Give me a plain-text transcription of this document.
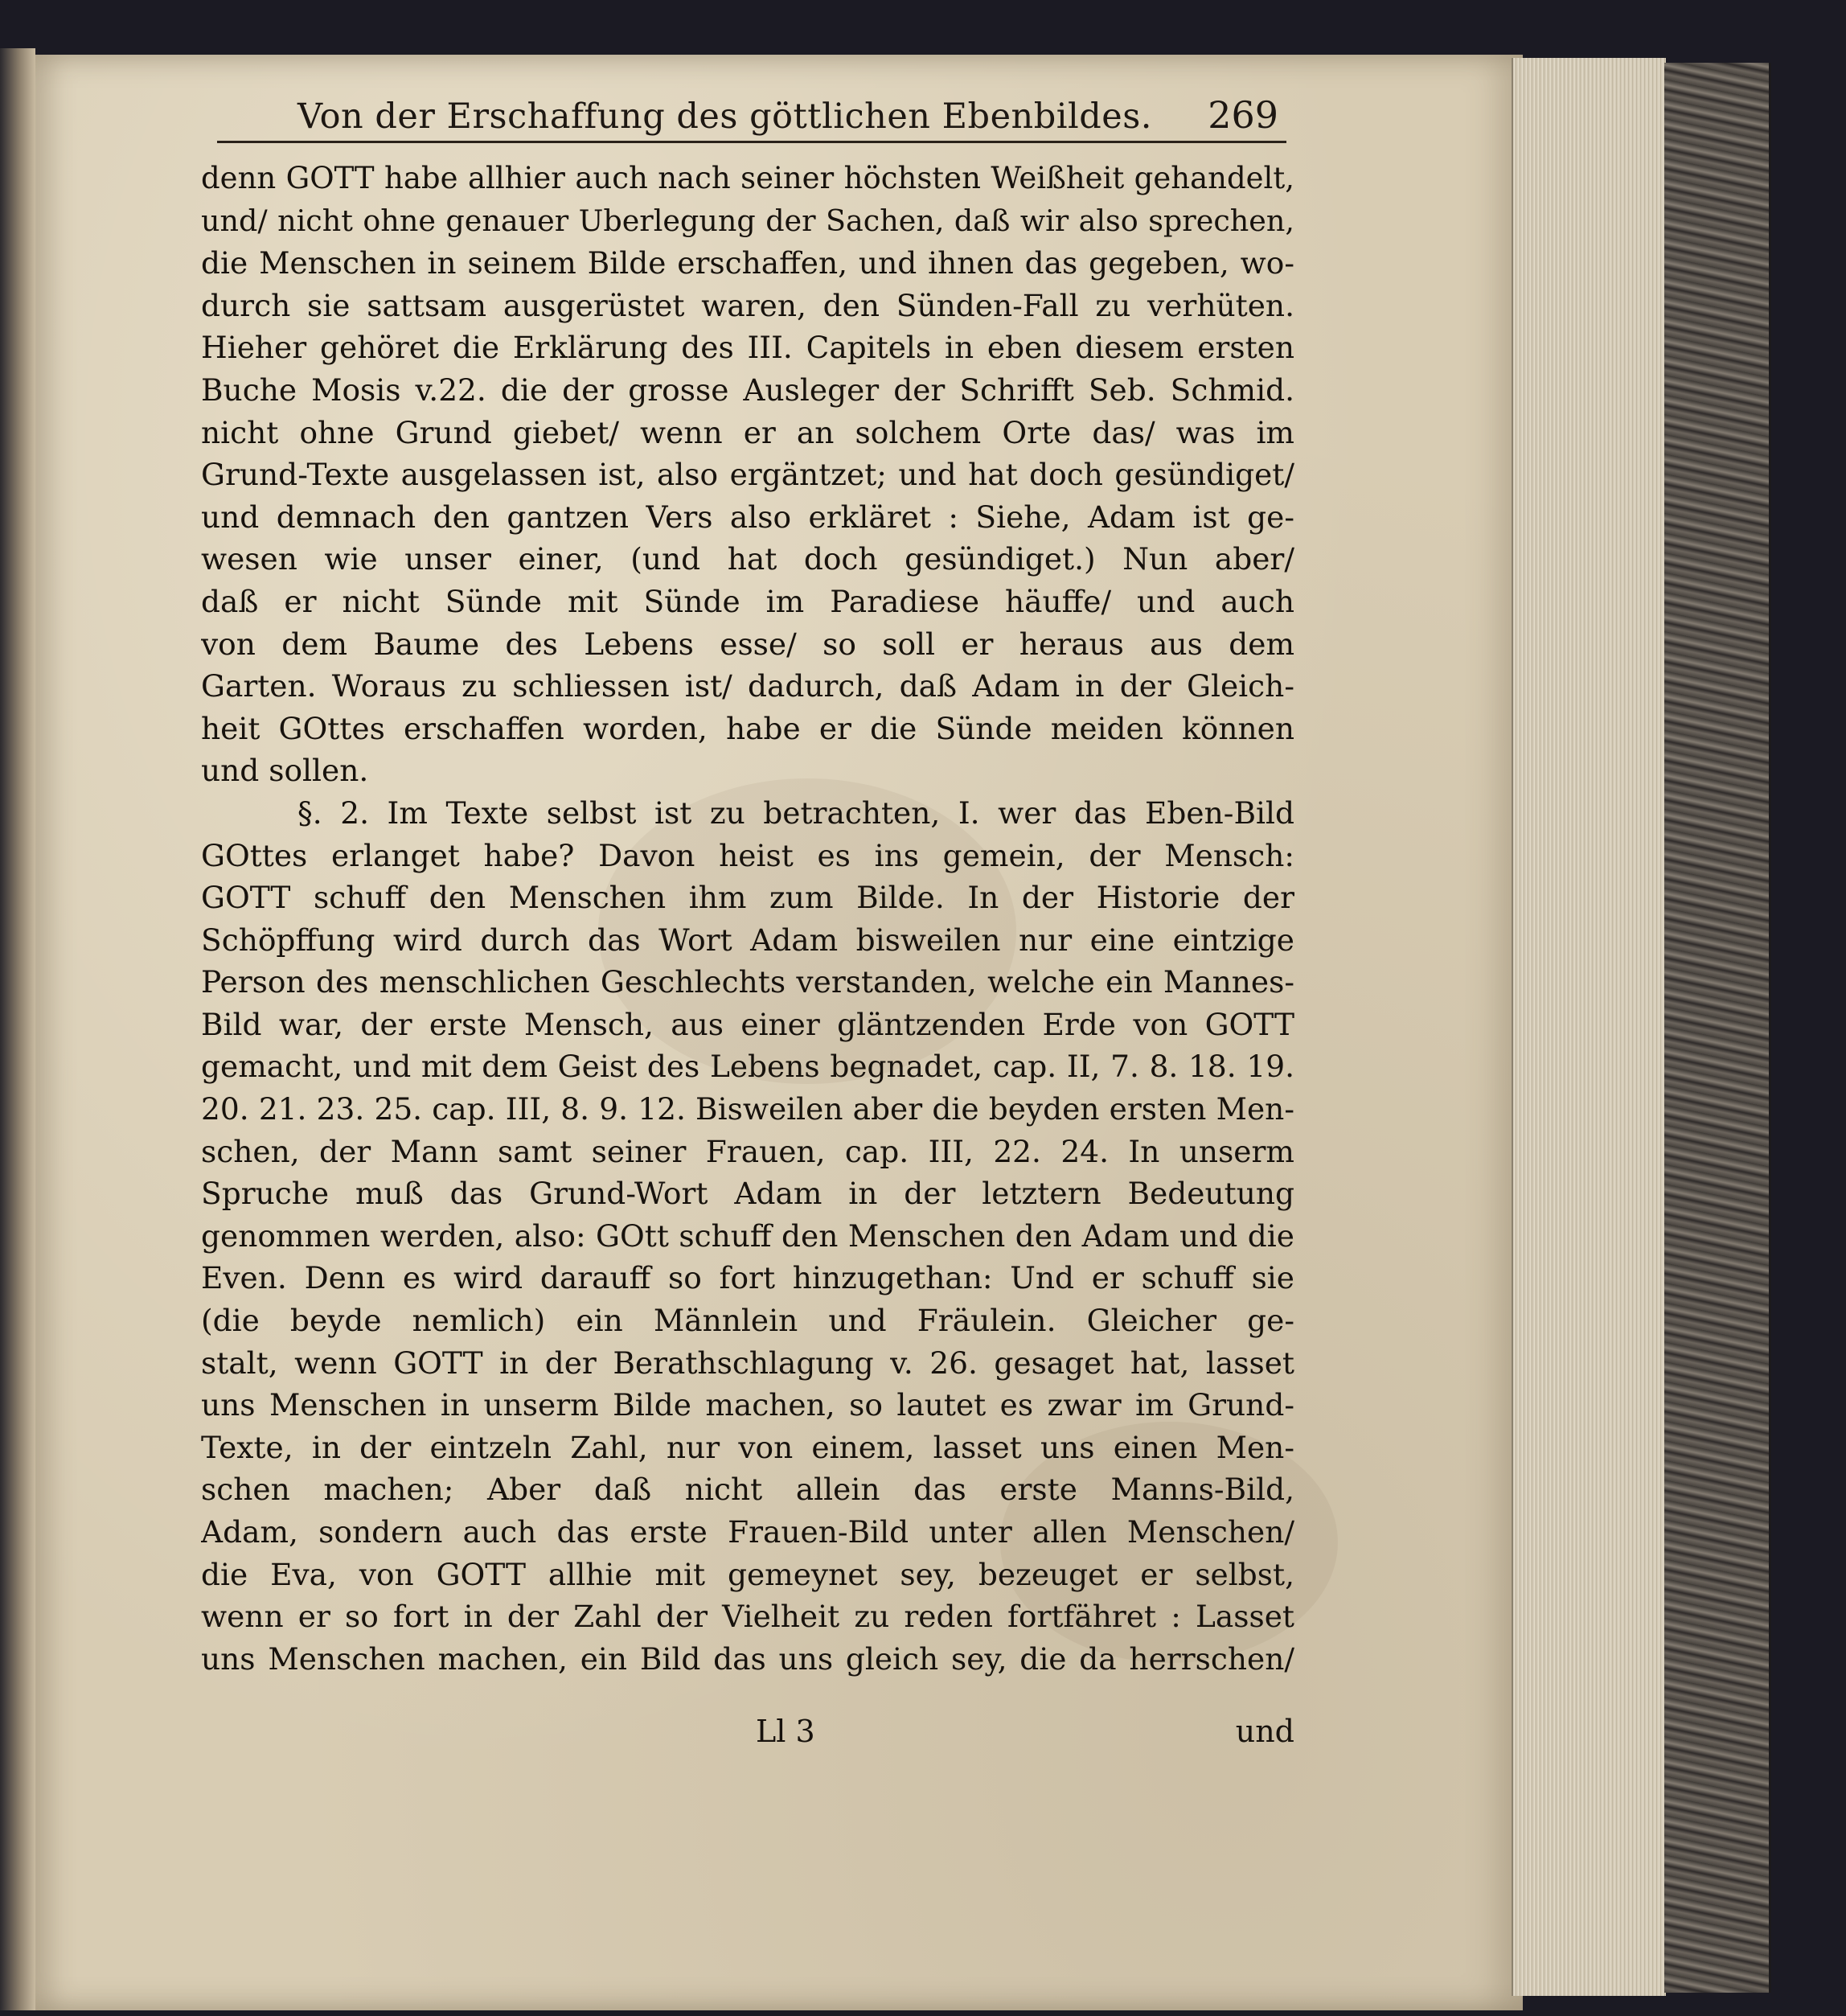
Von der Erschaffung des göttlichen Ebenbildes. 269
denn GOTT habe allhier auch nach seiner höchsten Weißheit gehandelt,
und/ nicht ohne genauer Uberlegung der Sachen, daß wir also sprechen,
die Menschen in seinem Bilde erschaffen, und ihnen das gegeben, wo-
durch sie sattsam ausgerüstet waren, den Sünden-Fall zu verhüten.
Hieher gehöret die Erklärung des III. Capitels in eben diesem ersten
Buche Mosis v.22. die der grosse Ausleger der Schrifft Seb. Schmid.
nicht ohne Grund giebet/ wenn er an solchem Orte das/ was im
Grund-Texte ausgelassen ist, also ergäntzet; und hat doch gesündiget/
und demnach den gantzen Vers also erkläret : Siehe, Adam ist ge-
wesen wie unser einer, (und hat doch gesündiget.) Nun aber/
daß er nicht Sünde mit Sünde im Paradiese häuffe/ und auch
von dem Baume des Lebens esse/ so soll er heraus aus dem
Garten. Woraus zu schliessen ist/ dadurch, daß Adam in der Gleich-
heit GOttes erschaffen worden, habe er die Sünde meiden können
und sollen.
§. 2. Im Texte selbst ist zu betrachten, I. wer das Eben-Bild
GOttes erlanget habe? Davon heist es ins gemein, der Mensch:
GOTT schuff den Menschen ihm zum Bilde. In der Historie der
Schöpffung wird durch das Wort Adam bisweilen nur eine eintzige
Person des menschlichen Geschlechts verstanden, welche ein Mannes-
Bild war, der erste Mensch, aus einer gläntzenden Erde von GOTT
gemacht, und mit dem Geist des Lebens begnadet, cap. II, 7. 8. 18. 19.
20. 21. 23. 25. cap. III, 8. 9. 12. Bisweilen aber die beyden ersten Men-
schen, der Mann samt seiner Frauen, cap. III, 22. 24. In unserm
Spruche muß das Grund-Wort Adam in der letztern Bedeutung
genommen werden, also: GOtt schuff den Menschen den Adam und die
Even. Denn es wird darauff so fort hinzugethan: Und er schuff sie
(die beyde nemlich) ein Männlein und Fräulein. Gleicher ge-
stalt, wenn GOTT in der Berathschlagung v. 26. gesaget hat, lasset
uns Menschen in unserm Bilde machen, so lautet es zwar im Grund-
Texte, in der eintzeln Zahl, nur von einem, lasset uns einen Men-
schen machen; Aber daß nicht allein das erste Manns-Bild,
Adam, sondern auch das erste Frauen-Bild unter allen Menschen/
die Eva, von GOTT allhie mit gemeynet sey, bezeuget er selbst,
wenn er so fort in der Zahl der Vielheit zu reden fortfähret : Lasset
uns Menschen machen, ein Bild das uns gleich sey, die da herrschen/
Ll 3	und
